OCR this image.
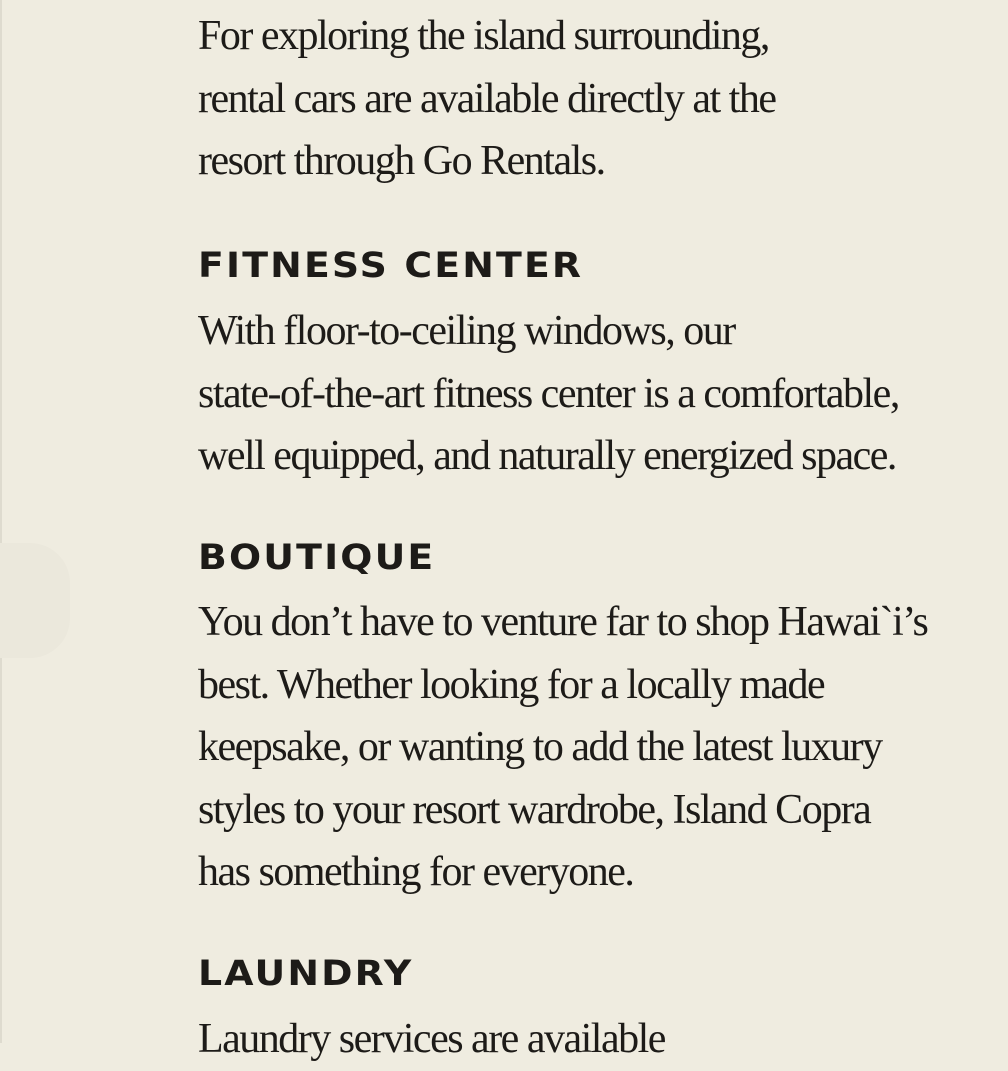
For exploring the island surrounding,
rental cars are available directly at the
resort through Go Rentals.

FITNESS CENTER

With floor-to-ceiling windows, our
state-of-the-art fitness center is a comfortable,
well equipped, and naturally energized space.

BOUTIQUE

You don’t have to venture far to shop Hawai`i’s
best. Whether looking for a locally made
keepsake, or wanting to add the latest luxury
styles to your resort wardrobe, Island Copra
has something for everyone.

LAUNDRY

Laundry services are available
